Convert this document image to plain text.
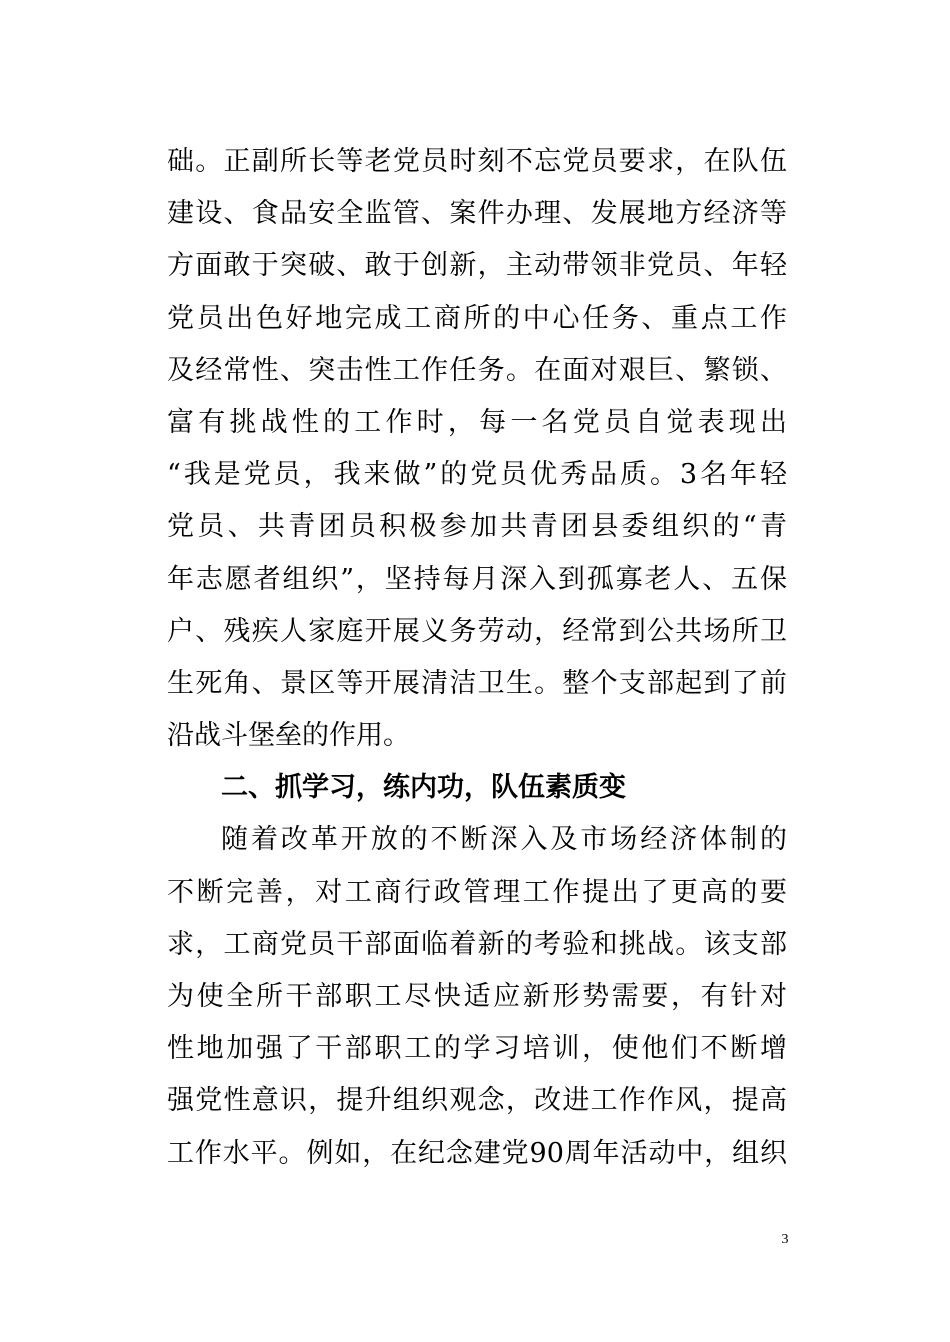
础。正副所长等老党员时刻不忘党员要求，在队伍
建设、食品安全监管、案件办理、发展地方经济等
方面敢于突破、敢于创新，主动带领非党员、年轻
党员出色好地完成工商所的中心任务、重点工作
及经常性、突击性工作任务。在面对艰巨、繁锁、
富有挑战性的工作时，每一名党员自觉表现出
“我是党员，我来做”的党员优秀品质。3名年轻
党员、共青团员积极参加共青团县委组织的“青
年志愿者组织”，坚持每月深入到孤寡老人、五保
户、残疾人家庭开展义务劳动，经常到公共场所卫
生死角、景区等开展清洁卫生。整个支部起到了前
沿战斗堡垒的作用。
二、抓学习，练内功，队伍素质变
随着改革开放的不断深入及市场经济体制的
不断完善，对工商行政管理工作提出了更高的要
求，工商党员干部面临着新的考验和挑战。该支部
为使全所干部职工尽快适应新形势需要，有针对
性地加强了干部职工的学习培训，使他们不断增
强党性意识，提升组织观念，改进工作作风，提高
工作水平。例如，在纪念建党90周年活动中，组织
3
